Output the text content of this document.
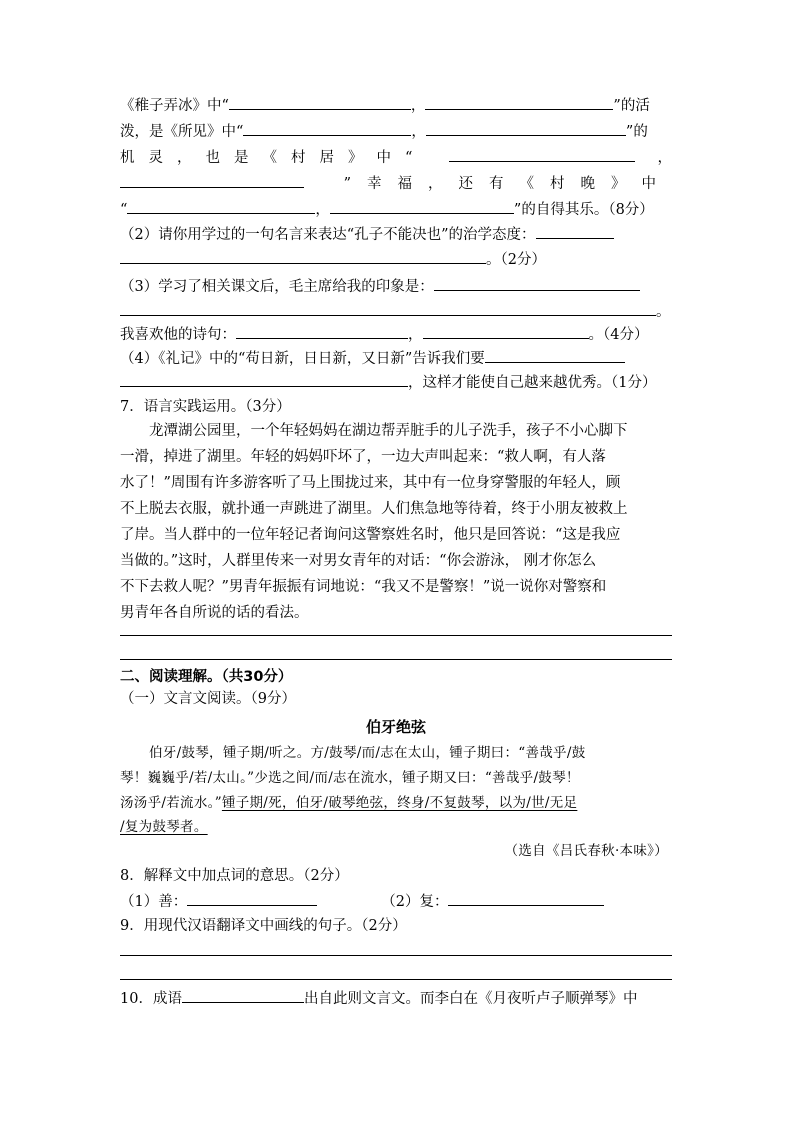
《稚子弄冰》中“	，	”的活
泼，是《所见》中“	，	”的
机灵，也是《村居》中“	，
”幸福，还有《村晚》中
“	，	”的自得其乐。（8分）
（2）请你用学过的一句名言来表达“孔子不能决也”的治学态度：
。（2分）
（3）学习了相关课文后，毛主席给我的印象是：
。
我喜欢他的诗句：	，	。（4分）
（4）《礼记》中的“苟日新，日日新，又日新”告诉我们要
，这样才能使自己越来越优秀。（1分）
7．语言实践运用。（3分）
龙潭湖公园里，一个年轻妈妈在湖边帮弄脏手的儿子洗手，孩子不小心脚下
一滑，掉进了湖里。年轻的妈妈吓坏了，一边大声叫起来：“救人啊，有人落
水了！”周围有许多游客听了马上围拢过来，其中有一位身穿警服的年轻人，顾
不上脱去衣服，就扑通一声跳进了湖里。人们焦急地等待着，终于小朋友被救上
了岸。当人群中的一位年轻记者询问这警察姓名时，他只是回答说：“这是我应
当做的。”这时，人群里传来一对男女青年的对话：“你会游泳， 刚才你怎么
不下去救人呢？”男青年振振有词地说：“我又不是警察！”说一说你对警察和
男青年各自所说的话的看法。
二、阅读理解。（共30分）
（一）文言文阅读。（9分）
伯牙绝弦
伯牙/鼓琴，锺子期/听之。方/鼓琴/而/志在太山，锺子期曰：“善哉乎/鼓
琴！巍巍乎/若/太山。”少选之间/而/志在流水，锺子期又曰：“善哉乎/鼓琴！
汤汤乎/若流水。”锺子期/死，伯牙/破琴绝弦，终身/不复鼓琴，以为/世/无足
/复为鼓琴者。
（选自《吕氏春秋·本味》）
8．解释文中加点词的意思。（2分）
（1）善：	（2）复：
9．用现代汉语翻译文中画线的句子。（2分）
10．成语	出自此则文言文。而李白在《月夜听卢子顺弹琴》中
